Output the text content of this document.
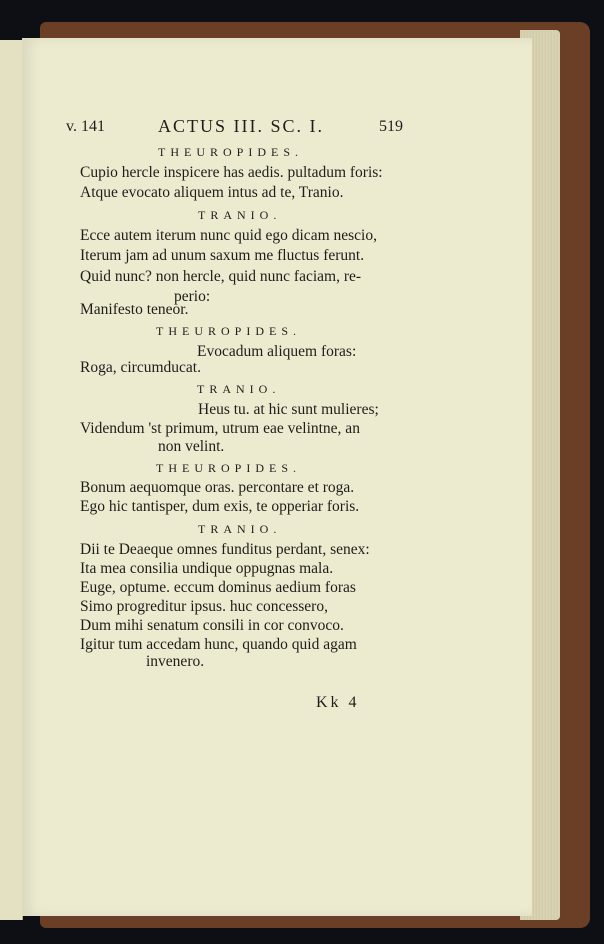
v. 141	ACTUS III. SC. I.	519
THEUROPIDES.
Cupio hercle inspicere has aedis. pultadum foris:
Atque evocato aliquem intus ad te, Tranio.
TRANIO.
Ecce autem iterum nunc quid ego dicam nescio,
Iterum jam ad unum saxum me fluctus ferunt.
Quid nunc? non hercle, quid nunc faciam, re-
perio:
Manifesto teneor.
THEUROPIDES.
Evocadum aliquem foras:
Roga, circumducat.
TRANIO.
Heus tu. at hic sunt mulieres;
Videndum 'st primum, utrum eae velintne, an
non velint.
THEUROPIDES.
Bonum aequomque oras. percontare et roga.
Ego hic tantisper, dum exis, te opperiar foris.
TRANIO.
Dii te Deaeque omnes funditus perdant, senex:
Ita mea consilia undique oppugnas mala.
Euge, optume. eccum dominus aedium foras
Simo progreditur ipsus. huc concessero,
Dum mihi senatum consili in cor convoco.
Igitur tum accedam hunc, quando quid agam
invenero.
Kk 4
